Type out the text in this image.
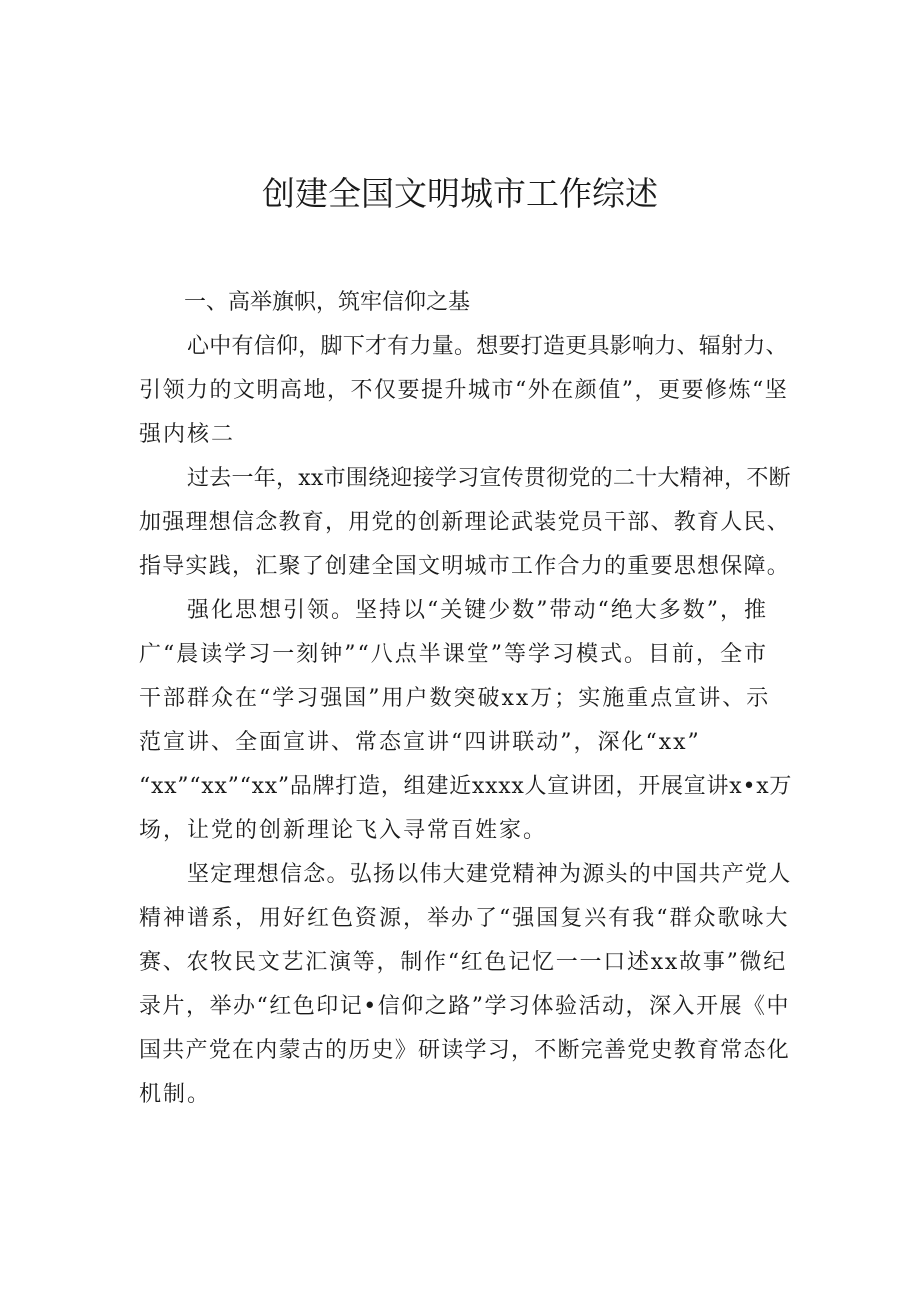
创建全国文明城市工作综述
一、高举旗帜，筑牢信仰之基
心中有信仰，脚下才有力量。想要打造更具影响力、辐射力、
引领力的文明高地，不仅要提升城市“外在颜值”，更要修炼“坚
强内核二
过去一年，xx市围绕迎接学习宣传贯彻党的二十大精神，不断
加强理想信念教育，用党的创新理论武装党员干部、教育人民、
指导实践，汇聚了创建全国文明城市工作合力的重要思想保障。
强化思想引领。坚持以“关键少数”带动“绝大多数”，推
广“晨读学习一刻钟”“八点半课堂”等学习模式。目前，全市
干部群众在“学习强国”用户数突破xx万；实施重点宣讲、示
范宣讲、全面宣讲、常态宣讲“四讲联动”，深化“xx”
“xx”“xx”“xx”品牌打造，组建近xxxx人宣讲团，开展宣讲x•x万
场，让党的创新理论飞入寻常百姓家。
坚定理想信念。弘扬以伟大建党精神为源头的中国共产党人
精神谱系，用好红色资源，举办了“强国复兴有我“群众歌咏大
赛、农牧民文艺汇演等，制作“红色记忆一一口述xx故事”微纪
录片，举办“红色印记•信仰之路”学习体验活动，深入开展《中
国共产党在内蒙古的历史》研读学习，不断完善党史教育常态化
机制。
